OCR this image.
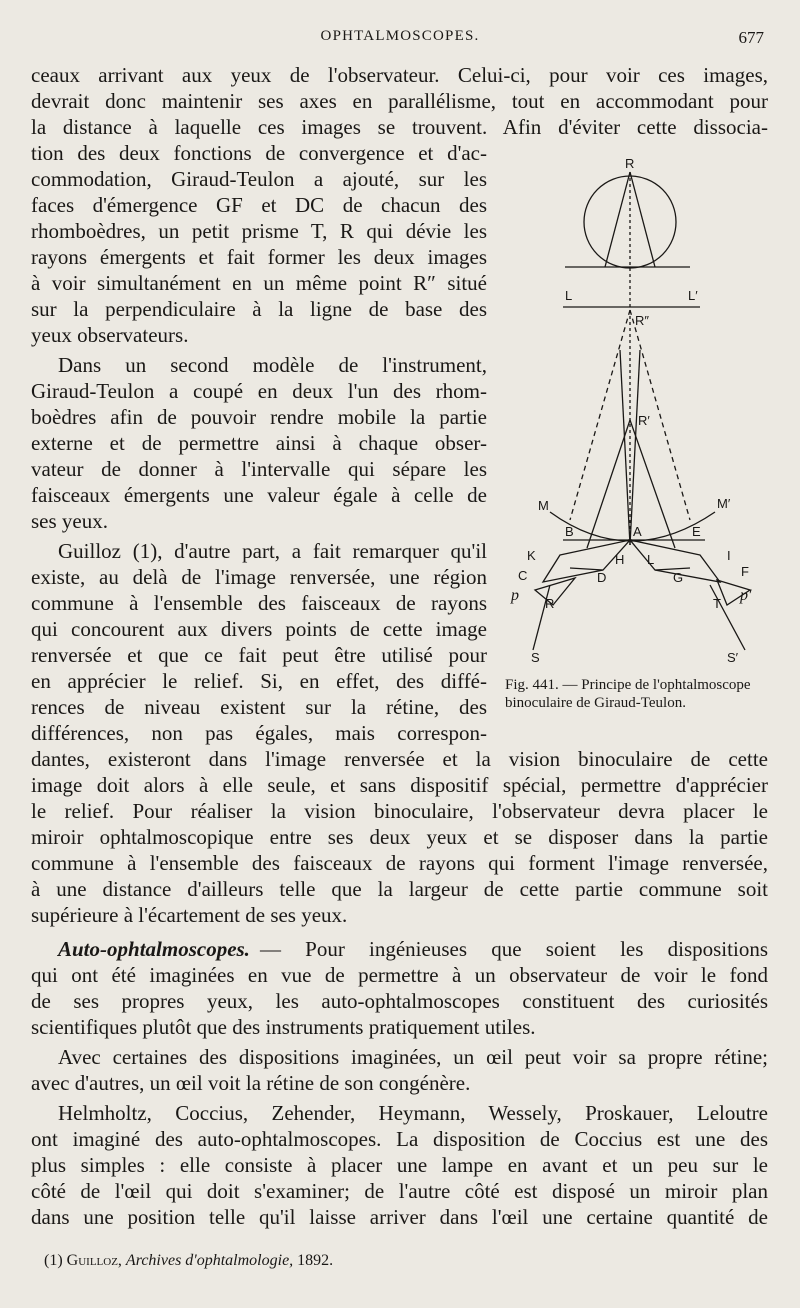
OPHTALMOSCOPES.	677
ceaux arrivant aux yeux de l'observateur. Celui-ci, pour voir ces images,
devrait donc maintenir ses axes en parallélisme, tout en accommodant pour
la distance à laquelle ces images se trouvent. Afin d'éviter cette dissocia-
tion des deux fonctions de convergence et d'ac-
commodation, Giraud-Teulon a ajouté, sur les
faces d'émergence GF et DC de chacun des
rhomboèdres, un petit prisme T, R qui dévie les
rayons émergents et fait former les deux images
à voir simultanément en un même point R″ situé
sur la perpendiculaire à la ligne de base des
yeux observateurs.
Dans un second modèle de l'instrument,
Giraud-Teulon a coupé en deux l'un des rhom-
boèdres afin de pouvoir rendre mobile la partie
externe et de permettre ainsi à chaque obser-
vateur de donner à l'intervalle qui sépare les
faisceaux émergents une valeur égale à celle de
ses yeux.
Guilloz (1), d'autre part, a fait remarquer qu'il
existe, au delà de l'image renversée, une région
commune à l'ensemble des faisceaux de rayons
qui concourent aux divers points de cette image
renversée et que ce fait peut être utilisé pour
en apprécier le relief. Si, en effet, des diffé-
rences de niveau existent sur la rétine, des
différences, non pas égales, mais correspon-
dantes, existeront dans l'image renversée et la vision binoculaire de cette
image doit alors à elle seule, et sans dispositif spécial, permettre d'apprécier
le relief. Pour réaliser la vision binoculaire, l'observateur devra placer le
miroir ophtalmoscopique entre ses deux yeux et se disposer dans la partie
commune à l'ensemble des faisceaux de rayons qui forment l'image renversée,
à une distance d'ailleurs telle que la largeur de cette partie commune soit
supérieure à l'écartement de ses yeux.
Auto-ophtalmoscopes. — Pour ingénieuses que soient les dispositions
qui ont été imaginées en vue de permettre à un observateur de voir le fond
de ses propres yeux, les auto-ophtalmoscopes constituent des curiosités
scientifiques plutôt que des instruments pratiquement utiles.
Avec certaines des dispositions imaginées, un œil peut voir sa propre rétine;
avec d'autres, un œil voit la rétine de son congénère.
Helmholtz, Coccius, Zehender, Heymann, Wessely, Proskauer, Leloutre
ont imaginé des auto-ophtalmoscopes. La disposition de Coccius est une des
plus simples : elle consiste à placer une lampe en avant et un peu sur le
côté de l'œil qui doit s'examiner; de l'autre côté est disposé un miroir plan
dans une position telle qu'il laisse arriver dans l'œil une certaine quantité de
R
L	L′
R″
R′
M	M′
B	A	E
K	H L	I
C	D	G	F
p R	T p′
S	S′
Fig. 441. — Principe de l'ophtalmoscope binoculaire de Giraud-Teulon.
(1) Guilloz, Archives d'ophtalmologie, 1892.
